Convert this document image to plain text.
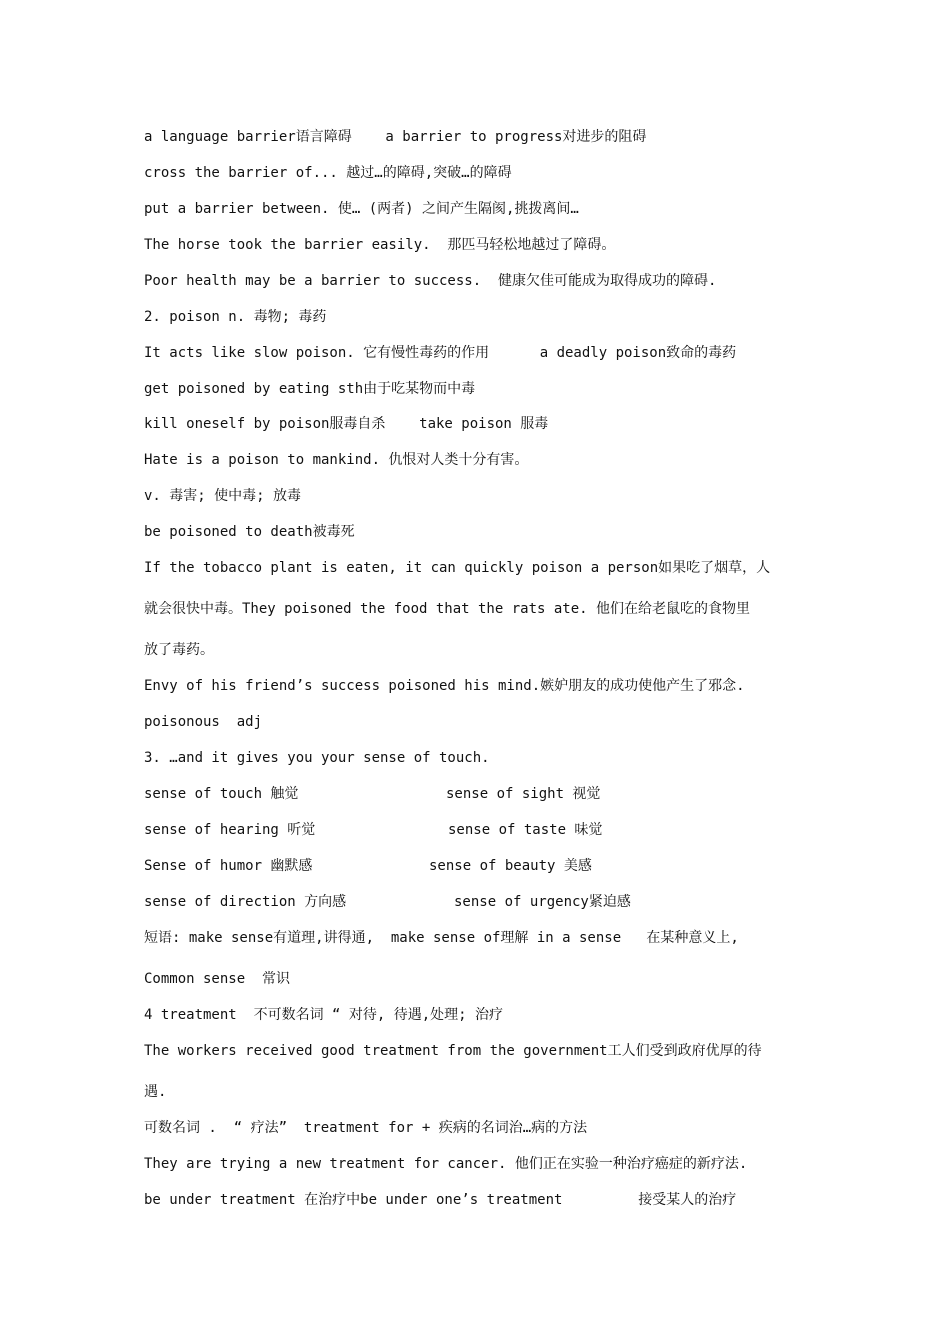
a language barrier语言障碍    a barrier to progress对进步的阻碍
cross the barrier of... 越过…的障碍,突破…的障碍
put a barrier between. 使… (两者) 之间产生隔阂,挑拨离间…
The horse took the barrier easily.  那匹马轻松地越过了障碍。
Poor health may be a barrier to success.  健康欠佳可能成为取得成功的障碍.
2. poison n. 毒物; 毒药
It acts like slow poison. 它有慢性毒药的作用      a deadly poison致命的毒药
get poisoned by eating sth由于吃某物而中毒
kill oneself by poison服毒自杀    take poison 服毒
Hate is a poison to mankind. 仇恨对人类十分有害。
v. 毒害; 使中毒; 放毒
be poisoned to death被毒死
If the tobacco plant is eaten, it can quickly poison a person如果吃了烟草，人
就会很快中毒。They poisoned the food that the rats ate. 他们在给老鼠吃的食物里
放了毒药。
Envy of his friend’s success poisoned his mind.嫉妒朋友的成功使他产生了邪念.
poisonous  adj
3. …and it gives you your sense of touch.
sense of touch 触觉	sense of sight 视觉
sense of hearing 听觉	sense of taste 味觉
Sense of humor 幽默感	sense of beauty 美感
sense of direction 方向感	sense of urgency紧迫感
短语: make sense有道理,讲得通,  make sense of理解 in a sense   在某种意义上,
Common sense  常识
4 treatment  不可数名词 “ 对待, 待遇,处理; 治疗
The workers received good treatment from the government工人们受到政府优厚的待
遇.
可数名词 .  “ 疗法”  treatment for + 疾病的名词治…病的方法
They are trying a new treatment for cancer. 他们正在实验一种治疗癌症的新疗法.
be under treatment 在治疗中be under one’s treatment         接受某人的治疗
